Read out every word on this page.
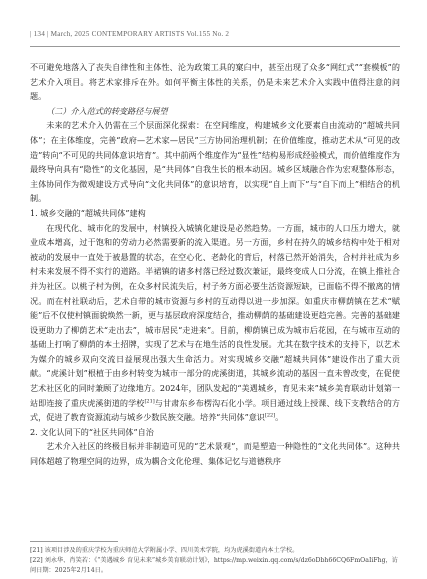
| 134 | March, 2025 CONTEMPORARY ARTISTS Vol.155 No. 2

不可避免地落入了丧失自律性和主体性、沦为政策工具的窠臼中，甚至出现了众多“网红式”“套模板”的艺术介入项目。将艺术家排斥在外。如何平衡主体性的关系，仍是未来艺术介入实践中值得注意的问题。

（二）介入范式的转变路径与展望

未来的艺术介入仍需在三个层面深化探索：在空间维度，构建城乡文化要素自由流动的“超城共同体”；在主体维度，完善“政府—艺术家—居民”三方协同治理机制；在价值维度，推动艺术从“可见的改造”转向“不可见的共同体意识培育”。其中前两个维度作为“显性”结构易形成经验模式，而价值维度作为最终导向具有“隐性”的文化基因，是“共同体”自我生长的根本动因。城乡区域融合作为宏观整体形态，主体协同作为微观建设方式导向“文化共同体”的意识培育，以实现“自上而下”与“自下而上”相结合的机制。

1. 城乡交融的“超城共同体”建构

在现代化、城市化的发展中，村镇投入城镇化建设是必然趋势。一方面，城市的人口压力增大，就业成本增高，过于饱和的劳动力必然需要新的流入渠道。另一方面，乡村在持久的城乡结构中处于相对被动的发展中一直处于被悬置的状态，在空心化、老龄化的背后，村落已然开始消失，合村并社成为乡村未来发展不得不实行的道路。半裙镇的诸多村落已经过数次兼证，最终变成人口分流，在镇上推社合并为社区。以桃子村为例，在众多村民流失后，村子务方面必要生活资源短缺，已面临不得不撤离的情况。而在村社联动后，艺术自带的城市资源与乡村的互动得以进一步加深。如重庆市柳荫镇在艺术“赋能”后不仅使村镇面貌焕然一新，更与基层政府深度结合，推动柳荫的基础建设更趋完善。完善的基础建设更助力了柳荫艺术“走出去”，城市居民“走进来”。目前，柳荫镇已成为城市后花园，在与城市互动的基础上打响了柳荫的本土招牌，实现了艺术与在地生活的良性发展。尤其在数字技术的支持下，以艺术为媒介的城乡双向交流日益展现出强大生命活力。对实现城乡交融“超城共同体”建设作出了重大贡献。“虎溪计划”根植于由乡村转变为城市一部分的虎溪街道，其城乡流动的基因一直未曾改变，在促使艺术社区化的同时兼顾了边缘地方。2024年，团队发起的“美遇城乡，育见未来”城乡美育联动计划第一站即连接了重庆虎溪街道的学校[21]与甘肃东乡布楞沟石化小学。项目通过线上授课、线下支教结合的方式，促进了教育资源流动与城乡少数民族交融。培养“共同体”意识[22]。

2. 文化认同下的“社区共同体”自治

艺术介入社区的终极目标并非制造可见的“艺术景观”，而是塑造一种隐性的“文化共同体”。这种共同体超越了物理空间的边界，成为耦合文化伦理、集体记忆与道德秩序

[21] 该项目涉及的重庆学校为重庆师范大学附属小学、四川美术学院，均为虎溪街道内本土学校。

[22] 刘永华、肖笑若：《“美遇城乡 育见未来”城乡美育联动计划》，https://mp.weixin.qq.com/s/dz6oDbh66CQ6FmOaIiFhg，访问日期：2025年2月14日。
